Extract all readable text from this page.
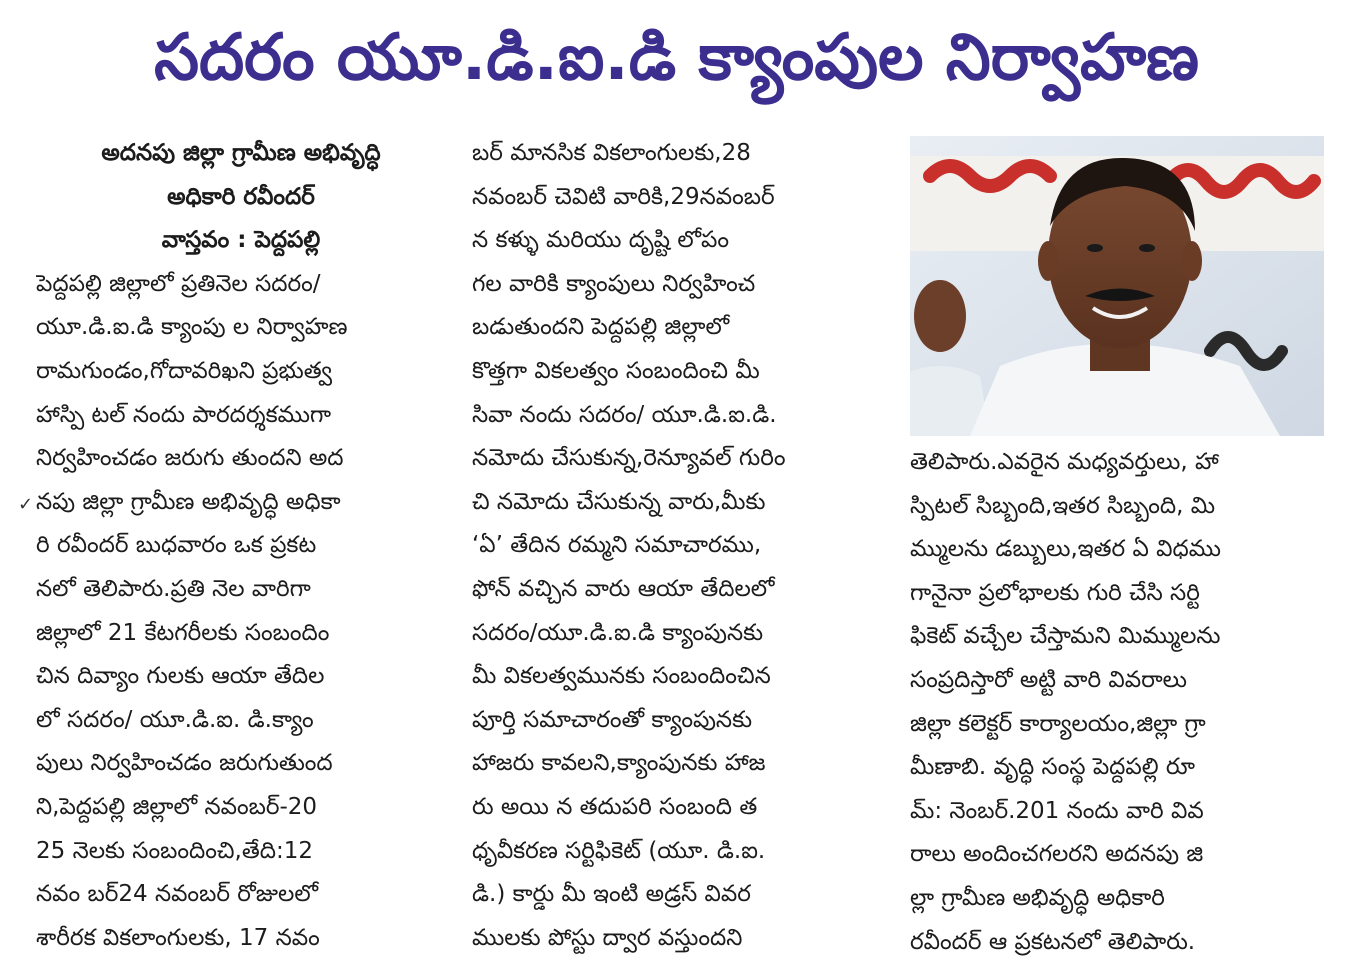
సదరం యూ.డి.ఐ.డి క్యాంపుల నిర్వాహణ
అదనపు జిల్లా గ్రామీణ అభివృద్ధి
అధికారి రవీందర్
వాస్తవం : పెద్దపల్లి
పెద్దపల్లి జిల్లాలో ప్రతినెల సదరం/
యూ.డి.ఐ.డి క్యాంపు ల నిర్వాహణ
రామగుండం,గోదావరిఖని ప్రభుత్వ
హాస్పి టల్ నందు పారదర్శకముగా
నిర్వహించడం జరుగు తుందని అద
నపు జిల్లా గ్రామీణ అభివృద్ధి అధికా
రి రవీందర్ బుధవారం ఒక ప్రకట
నలో తెలిపారు.ప్రతి నెల వారిగా
జిల్లాలో 21 కేటగరీలకు సంబందిం
చిన దివ్యాం గులకు ఆయా తేదిల
లో సదరం/ యూ.డి.ఐ. డి.క్యాం
పులు నిర్వహించడం జరుగుతుంద
ని,పెద్దపల్లి జిల్లాలో నవంబర్-20
25 నెలకు సంబందించి,తేది:12
నవం బర్24 నవంబర్ రోజులలో
శారీరక వికలాంగులకు, 17 నవం
✓
బర్ మానసిక వికలాంగులకు,28
నవంబర్ చెవిటి వారికి,29నవంబర్
న కళ్ళు మరియు దృష్టి లోపం
గల వారికి క్యాంపులు నిర్వహించ
బడుతుందని పెద్దపల్లి జిల్లాలో
కొత్తగా వికలత్వం సంబందించి మీ
సివా నందు సదరం/ యూ.డి.ఐ.డి.
నమోదు చేసుకున్న,రెన్యూవల్ గురిం
చి నమోదు చేసుకున్న వారు,మీకు
‘ఏ’ తేదిన రమ్మని సమాచారము,
ఫోన్ వచ్చిన వారు ఆయా తేదిలలో
సదరం/యూ.డి.ఐ.డి క్యాంపునకు
మీ వికలత్వమునకు సంబందించిన
పూర్తి సమాచారంతో క్యాంపునకు
హాజరు కావలని,క్యాంపునకు హాజ
రు అయి న తదుపరి సంబంది త
ధృవీకరణ సర్టిఫికెట్ (యూ. డి.ఐ.
డి.) కార్డు మీ ఇంటి అడ్రస్ వివర
ములకు పోస్టు ద్వార వస్తుందని
తెలిపారు.ఎవరైన మధ్యవర్తులు, హా
స్పిటల్ సిబ్బంది,ఇతర సిబ్బంది, మి
మ్ములను డబ్బులు,ఇతర ఏ విధము
గానైనా ప్రలోభాలకు గురి చేసి సర్టి
ఫికెట్ వచ్చేల చేస్తామని మిమ్ములను
సంప్రదిస్తారో అట్టి వారి వివరాలు
జిల్లా కలెక్టర్ కార్యాలయం,జిల్లా గ్రా
మీణాబి. వృద్ధి సంస్థ పెద్దపల్లి రూ
మ్: నెంబర్.201 నందు వారి వివ
రాలు అందించగలరని అదనపు జి
ల్లా గ్రామీణ అభివృద్ధి అధికారి
రవీందర్ ఆ ప్రకటనలో తెలిపారు.
